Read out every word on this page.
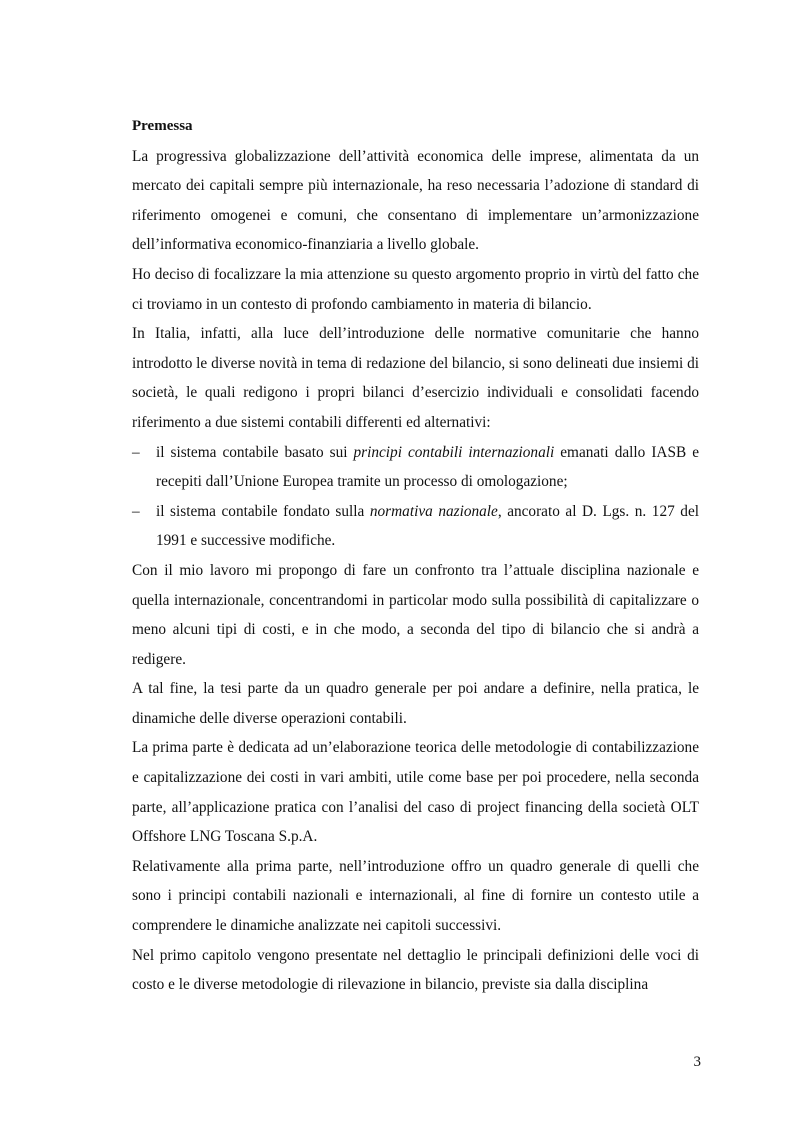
Premessa

La progressiva globalizzazione dell’attività economica delle imprese, alimentata da un mercato dei capitali sempre più internazionale, ha reso necessaria l’adozione di standard di riferimento omogenei e comuni, che consentano di implementare un’armonizzazione dell’informativa economico-finanziaria a livello globale.

Ho deciso di focalizzare la mia attenzione su questo argomento proprio in virtù del fatto che ci troviamo in un contesto di profondo cambiamento in materia di bilancio.

In Italia, infatti, alla luce dell’introduzione delle normative comunitarie che hanno introdotto le diverse novità in tema di redazione del bilancio, si sono delineati due insiemi di società, le quali redigono i propri bilanci d’esercizio individuali e consolidati facendo riferimento a due sistemi contabili differenti ed alternativi:

– il sistema contabile basato sui principi contabili internazionali emanati dallo IASB e recepiti dall’Unione Europea tramite un processo di omologazione;
– il sistema contabile fondato sulla normativa nazionale, ancorato al D. Lgs. n. 127 del 1991 e successive modifiche.

Con il mio lavoro mi propongo di fare un confronto tra l’attuale disciplina nazionale e quella internazionale, concentrandomi in particolar modo sulla possibilità di capitalizzare o meno alcuni tipi di costi, e in che modo, a seconda del tipo di bilancio che si andrà a redigere.

A tal fine, la tesi parte da un quadro generale per poi andare a definire, nella pratica, le dinamiche delle diverse operazioni contabili.

La prima parte è dedicata ad un’elaborazione teorica delle metodologie di contabilizzazione e capitalizzazione dei costi in vari ambiti, utile come base per poi procedere, nella seconda parte, all’applicazione pratica con l’analisi del caso di project financing della società OLT Offshore LNG Toscana S.p.A.

Relativamente alla prima parte, nell’introduzione offro un quadro generale di quelli che sono i principi contabili nazionali e internazionali, al fine di fornire un contesto utile a comprendere le dinamiche analizzate nei capitoli successivi.

Nel primo capitolo vengono presentate nel dettaglio le principali definizioni delle voci di costo e le diverse metodologie di rilevazione in bilancio, previste sia dalla disciplina

3
